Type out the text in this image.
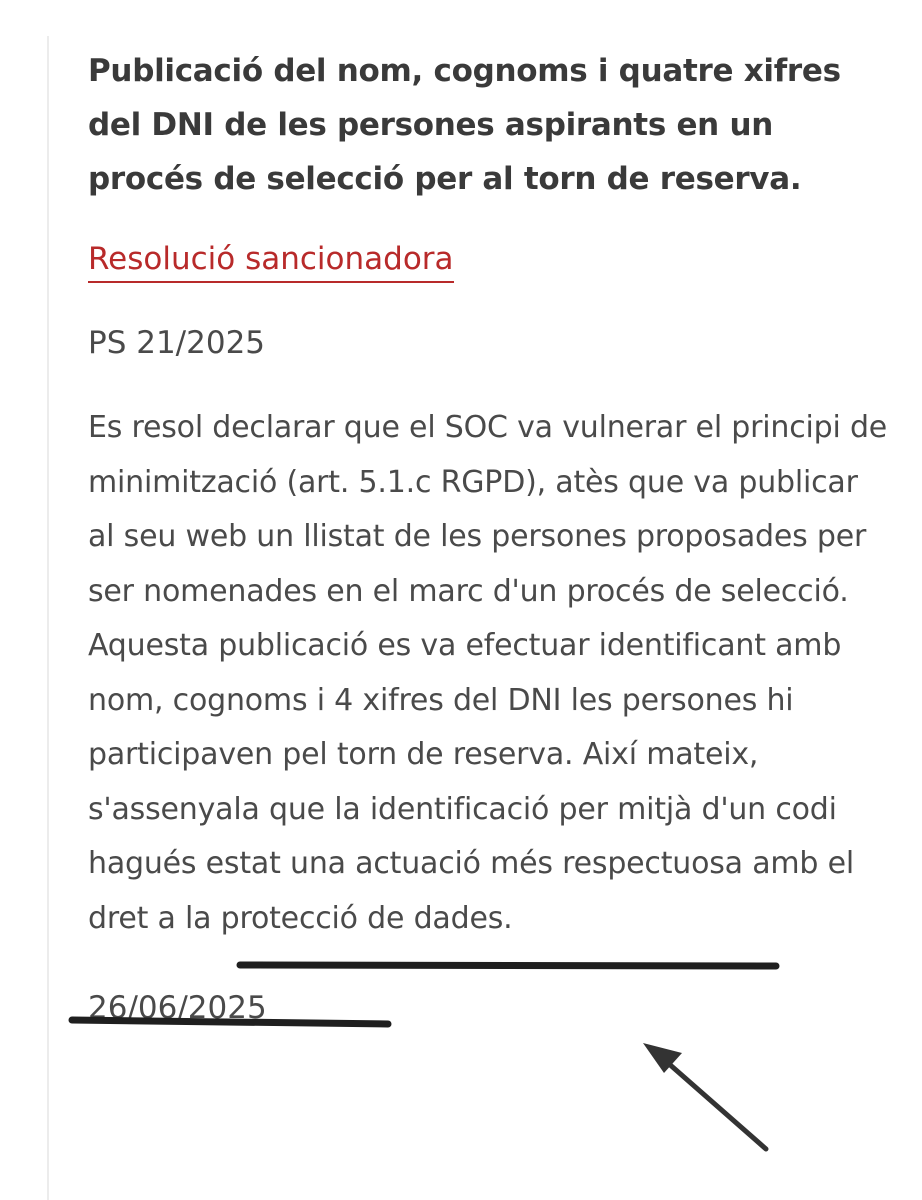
Publicació del nom, cognoms i quatre xifres del DNI de les persones aspirants en un procés de selecció per al torn de reserva.
Resolució sancionadora
PS 21/2025

Es resol declarar que el SOC va vulnerar el principi de minimització (art. 5.1.c RGPD), atès que va publicar al seu web un llistat de les persones proposades per ser nomenades en el marc d'un procés de selecció. Aquesta publicació es va efectuar identificant amb nom, cognoms i 4 xifres del DNI les persones hi participaven pel torn de reserva. Així mateix, s'assenyala que la identificació per mitjà d'un codi hagués estat una actuació més respectuosa amb el dret a la protecció de dades.

26/06/2025
